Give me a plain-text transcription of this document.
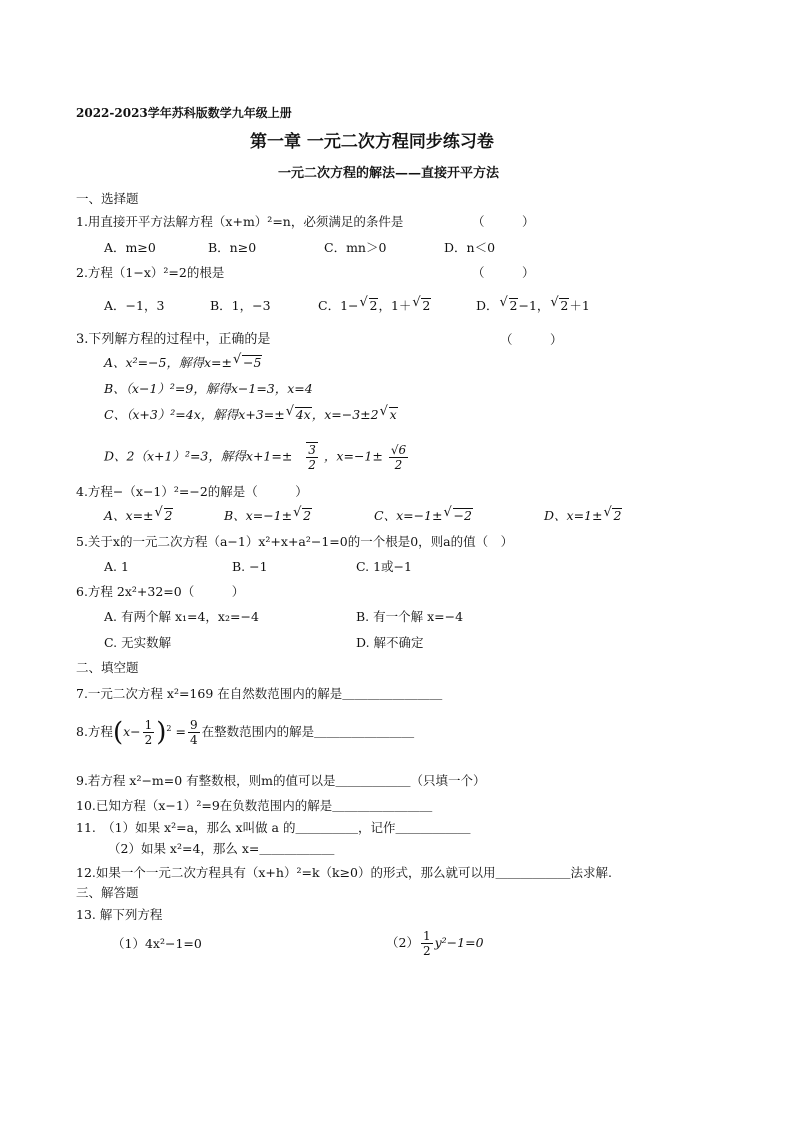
2022-2023学年苏科版数学九年级上册
第一章 一元二次方程同步练习卷
一元二次方程的解法——直接开平方法
一、选择题
1.用直接开平方法解方程（x+m）²=n，必须满足的条件是	（　　　）
A．m≥0	B．n≥0	C．mn＞0	D．n＜0
2.方程（1−x）²=2的根是	（　　　）
A．−1，3	B．1，−3	C．1− √ 2，1＋ √ 2	D． √ 2−1， √ 2＋1
3.下列解方程的过程中，正确的是	（　　　）
A、x²=−5，解得x=± √ −5
B、（x−1）²=9，解得x−1=3，x=4
C、（x+3）²=4x，解得x+3=± √ 4x，x=−3±2 √ x
D、2（x+1）²=3，解得$x+1=\pm \frac{3}{2}$ ，$x=-1\pm \frac{√6}{2}$
4.方程−（x−1）²=−2的解是（　　　）
A、x=± √ 2	B、x=−1± √ 2	C、x=−1± √ −2	D、x=1± √ 2
5.关于x的一元二次方程（a−1）x²+x+a²−1=0的一个根是0，则a的值（　）
A. 1	B. −1	C. 1或−1
6.方程 2x²+32=0（　　　）
A. 有两个解 x₁=4，x₂=−4	B. 有一个解 x=−4
C. 无实数解	D. 解不确定
二、填空题
7.一元二次方程 x²=169 在自然数范围内的解是＿＿＿＿＿＿＿＿
8.方程$(x- \frac{1}{2} )^2 = \frac{9}{4}$ 在整数范围内的解是＿＿＿＿＿＿＿＿
9.若方程 x²−m=0 有整数根，则m的值可以是＿＿＿＿＿＿（只填一个）
10.已知方程（x−1）²=9在负数范围内的解是＿＿＿＿＿＿＿＿
11.　（1）如果 x²=a，那么 x叫做 a 的＿＿＿＿＿，记作＿＿＿＿＿＿
（2）如果 x²=4，那么 x=＿＿＿＿＿＿
12.如果一个一元二次方程具有（x+h）²=k（k≥0）的形式，那么就可以用＿＿＿＿＿＿法求解.
三、解答题
13. 解下列方程
（1）4x²−1=0	$(2) \frac{1}{2} y^2-1=0$
